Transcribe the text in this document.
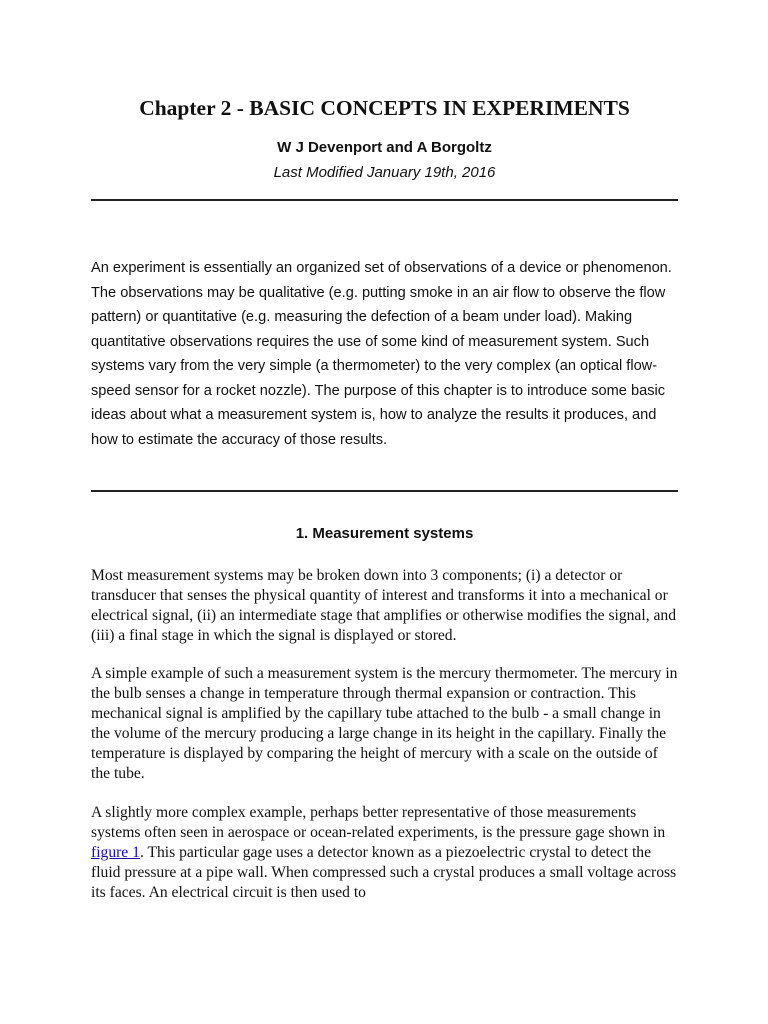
Chapter 2 - BASIC CONCEPTS IN EXPERIMENTS

W J Devenport and A Borgoltz

Last Modified January 19th, 2016

An experiment is essentially an organized set of observations of a device or phenomenon. The observations may be qualitative (e.g. putting smoke in an air flow to observe the flow pattern) or quantitative (e.g. measuring the defection of a beam under load). Making quantitative observations requires the use of some kind of measurement system. Such systems vary from the very simple (a thermometer) to the very complex (an optical flow-speed sensor for a rocket nozzle). The purpose of this chapter is to introduce some basic ideas about what a measurement system is, how to analyze the results it produces, and how to estimate the accuracy of those results.

1. Measurement systems

Most measurement systems may be broken down into 3 components; (i) a detector or transducer that senses the physical quantity of interest and transforms it into a mechanical or electrical signal, (ii) an intermediate stage that amplifies or otherwise modifies the signal, and (iii) a final stage in which the signal is displayed or stored.

A simple example of such a measurement system is the mercury thermometer. The mercury in the bulb senses a change in temperature through thermal expansion or contraction. This mechanical signal is amplified by the capillary tube attached to the bulb - a small change in the volume of the mercury producing a large change in its height in the capillary. Finally the temperature is displayed by comparing the height of mercury with a scale on the outside of the tube.

A slightly more complex example, perhaps better representative of those measurements systems often seen in aerospace or ocean-related experiments, is the pressure gage shown in figure 1. This particular gage uses a detector known as a piezoelectric crystal to detect the fluid pressure at a pipe wall. When compressed such a crystal produces a small voltage across its faces. An electrical circuit is then used to
